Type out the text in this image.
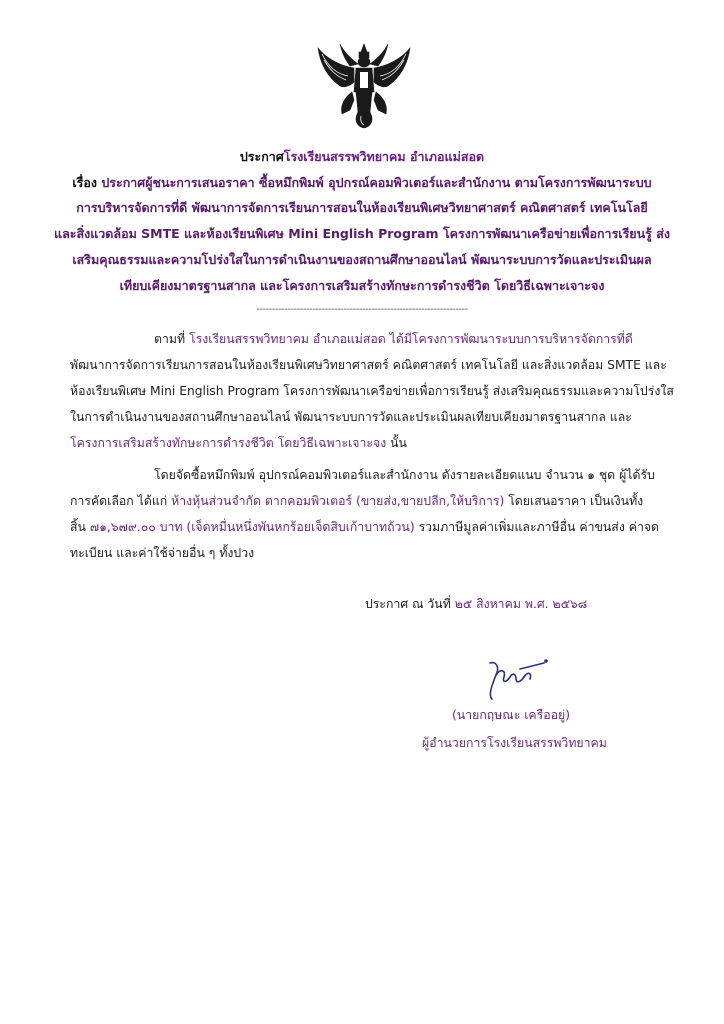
ประกาศโรงเรียนสรรพวิทยาคม อำเภอแม่สอด
เรื่อง ประกาศผู้ชนะการเสนอราคา ซื้อหมึกพิมพ์ อุปกรณ์คอมพิวเตอร์และสำนักงาน ตามโครงการพัฒนาระบบ
การบริหารจัดการที่ดี พัฒนาการจัดการเรียนการสอนในห้องเรียนพิเศษวิทยาศาสตร์ คณิตศาสตร์ เทคโนโลยี
และสิ่งแวดล้อม SMTE และห้องเรียนพิเศษ Mini English Program โครงการพัฒนาเครือข่ายเพื่อการเรียนรู้ ส่ง
เสริมคุณธรรมและความโปร่งใสในการดำเนินงานของสถานศึกษาออนไลน์ พัฒนาระบบการวัดและประเมินผล
เทียบเคียงมาตรฐานสากล และโครงการเสริมสร้างทักษะการดำรงชีวิต โดยวิธีเฉพาะเจาะจง
--------------------------------------------------------------------
ตามที่ โรงเรียนสรรพวิทยาคม อำเภอแม่สอด ได้มีโครงการพัฒนาระบบการบริหารจัดการที่ดี
พัฒนาการจัดการเรียนการสอนในห้องเรียนพิเศษวิทยาศาสตร์ คณิตศาสตร์ เทคโนโลยี และสิ่งแวดล้อม SMTE และ
ห้องเรียนพิเศษ Mini English Program โครงการพัฒนาเครือข่ายเพื่อการเรียนรู้ ส่งเสริมคุณธรรมและความโปร่งใส
ในการดำเนินงานของสถานศึกษาออนไลน์ พัฒนาระบบการวัดและประเมินผลเทียบเคียงมาตรฐานสากล และ
โครงการเสริมสร้างทักษะการดำรงชีวิต โดยวิธีเฉพาะเจาะจง นั้น
โดยจัดซื้อหมึกพิมพ์ อุปกรณ์คอมพิวเตอร์และสำนักงาน ดังรายละเอียดแนบ จำนวน ๑ ชุด ผู้ได้รับ
การคัดเลือก ได้แก่ ห้างหุ้นส่วนจำกัด ตากคอมพิวเตอร์ (ขายส่ง,ขายปลีก,ให้บริการ) โดยเสนอราคา เป็นเงินทั้ง
สิ้น ๗๑,๖๗๙.๐๐ บาท (เจ็ดหมื่นหนึ่งพันหกร้อยเจ็ดสิบเก้าบาทถ้วน) รวมภาษีมูลค่าเพิ่มและภาษีอื่น ค่าขนส่ง ค่าจด
ทะเบียน และค่าใช้จ่ายอื่น ๆ ทั้งปวง
ประกาศ ณ วันที่ ๒๕ สิงหาคม พ.ศ. ๒๕๖๘
(นายกฤษณะ เครืออยู่)
ผู้อำนวยการโรงเรียนสรรพวิทยาคม
